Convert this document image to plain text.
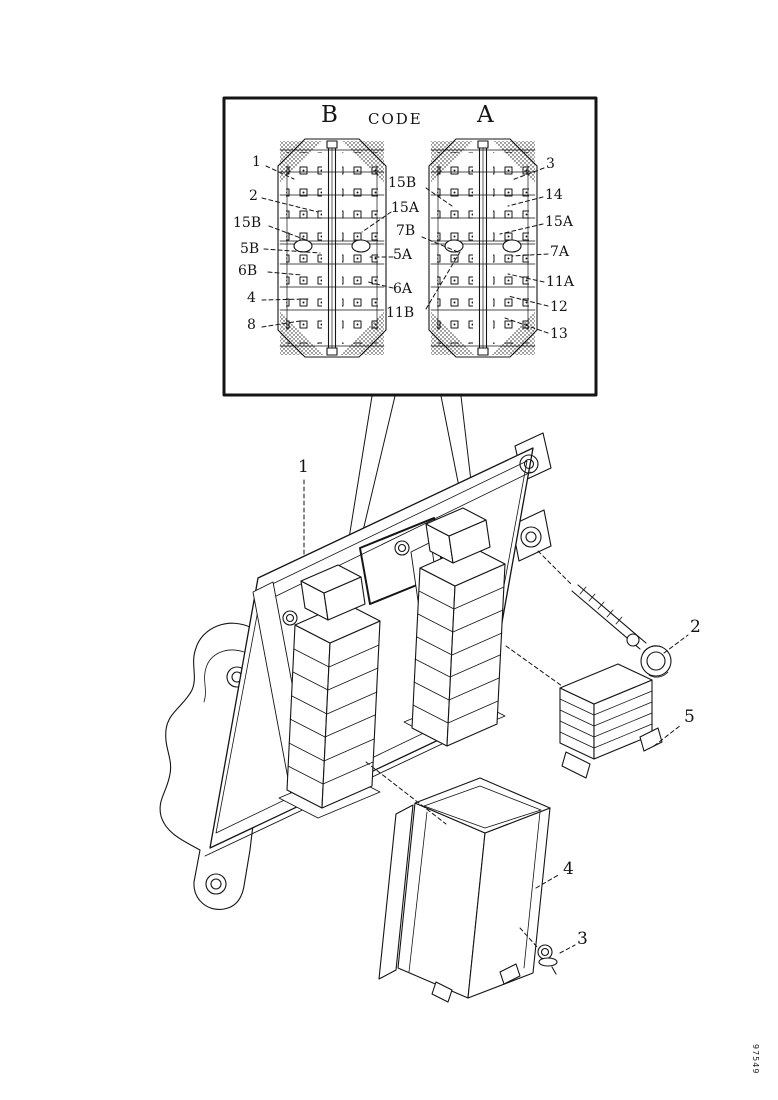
B CODE A
1
2
15B
5B
6B
4
8
15B
15A
7B
5A
6A
11B
3
14
15A
7A
11A
12
13
1
2
5
4
3
97549
